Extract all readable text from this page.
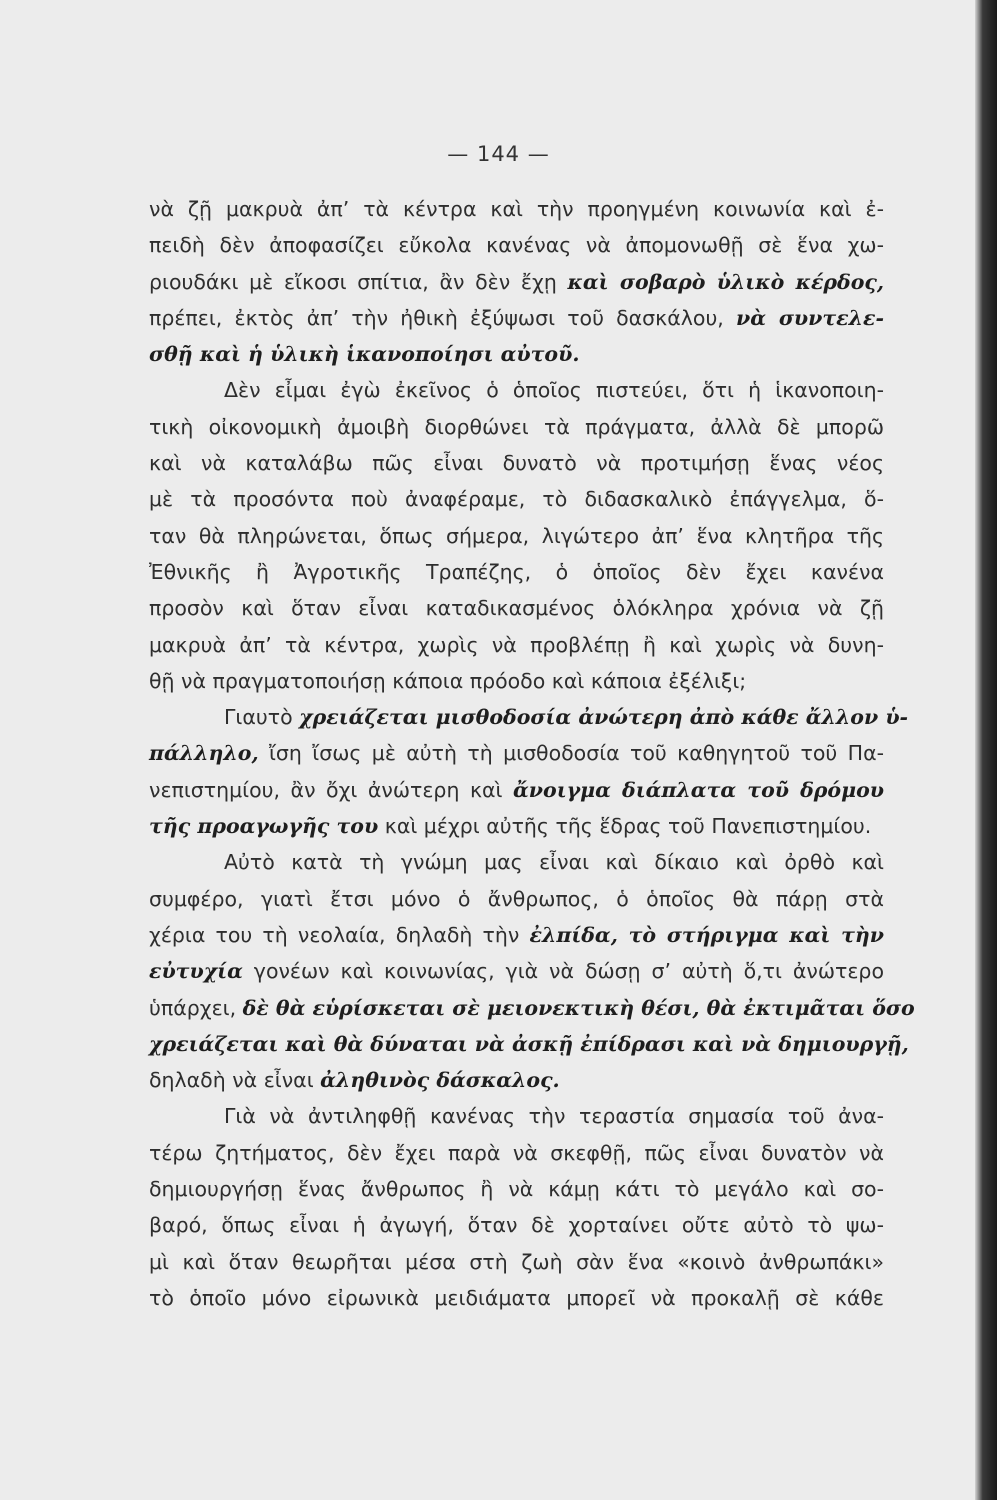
— 144 —
νὰ ζῇ μακρυὰ ἀπ’ τὰ κέντρα καὶ τὴν προηγμένη κοινωνία καὶ ἐ-
πειδὴ δὲν ἀποφασίζει εὔκολα κανένας νὰ ἀπομονωθῇ σὲ ἕνα χω-
ριουδάκι μὲ εἴκοσι σπίτια, ἂν δὲν ἔχῃ καὶ σοβαρὸ ὑλικὸ κέρδος,
πρέπει, ἐκτὸς ἀπ’ τὴν ἠθικὴ ἐξύψωσι τοῦ δασκάλου, νὰ συντελε-
σθῇ καὶ ἡ ὑλικὴ ἱκανοποίησι αὐτοῦ.
Δὲν εἶμαι ἐγὼ ἐκεῖνος ὁ ὁποῖος πιστεύει, ὅτι ἡ ἱκανοποιη-
τικὴ οἰκονομικὴ ἀμοιβὴ διορθώνει τὰ πράγματα, ἀλλὰ δὲ μπορῶ
καὶ νὰ καταλάβω πῶς εἶναι δυνατὸ νὰ προτιμήσῃ ἕνας νέος
μὲ τὰ προσόντα ποὺ ἀναφέραμε, τὸ διδασκαλικὸ ἐπάγγελμα, ὅ-
ταν θὰ πληρώνεται, ὅπως σήμερα, λιγώτερο ἀπ’ ἕνα κλητῆρα τῆς
Ἐθνικῆς ἢ Ἀγροτικῆς Τραπέζης, ὁ ὁποῖος δὲν ἔχει κανένα
προσὸν καὶ ὅταν εἶναι καταδικασμένος ὁλόκληρα χρόνια νὰ ζῇ
μακρυὰ ἀπ’ τὰ κέντρα, χωρὶς νὰ προβλέπῃ ἢ καὶ χωρὶς νὰ δυνη-
θῇ νὰ πραγματοποιήσῃ κάποια πρόοδο καὶ κάποια ἐξέλιξι;
Γιαυτὸ χρειάζεται μισθοδοσία ἀνώτερη ἀπὸ κάθε ἄλλον ὑ-
πάλληλο, ἴση ἴσως μὲ αὐτὴ τὴ μισθοδοσία τοῦ καθηγητοῦ τοῦ Πα-
νεπιστημίου, ἂν ὄχι ἀνώτερη καὶ ἄνοιγμα διάπλατα τοῦ δρόμου
τῆς προαγωγῆς του καὶ μέχρι αὐτῆς τῆς ἕδρας τοῦ Πανεπιστημίου.
Αὐτὸ κατὰ τὴ γνώμη μας εἶναι καὶ δίκαιο καὶ ὀρθὸ καὶ
συμφέρο, γιατὶ ἔτσι μόνο ὁ ἄνθρωπος, ὁ ὁποῖος θὰ πάρῃ στὰ
χέρια του τὴ νεολαία, δηλαδὴ τὴν ἐλπίδα, τὸ στήριγμα καὶ τὴν
εὐτυχία γονέων καὶ κοινωνίας, γιὰ νὰ δώσῃ σ’ αὐτὴ ὅ,τι ἀνώτερο
ὑπάρχει, δὲ θὰ εὑρίσκεται σὲ μειονεκτικὴ θέσι, θὰ ἐκτιμᾶται ὅσο
χρειάζεται καὶ θὰ δύναται νὰ ἀσκῇ ἐπίδρασι καὶ νὰ δημιουργῇ,
δηλαδὴ νὰ εἶναι ἀληθινὸς δάσκαλος.
Γιὰ νὰ ἀντιληφθῇ κανένας τὴν τεραστία σημασία τοῦ ἀνα-
τέρω ζητήματος, δὲν ἔχει παρὰ νὰ σκεφθῇ, πῶς εἶναι δυνατὸν νὰ
δημιουργήσῃ ἕνας ἄνθρωπος ἢ νὰ κάμῃ κάτι τὸ μεγάλο καὶ σο-
βαρό, ὅπως εἶναι ἡ ἀγωγή, ὅταν δὲ χορταίνει οὔτε αὐτὸ τὸ ψω-
μὶ καὶ ὅταν θεωρῆται μέσα στὴ ζωὴ σὰν ἕνα «κοινὸ ἀνθρωπάκι»
τὸ ὁποῖο μόνο εἰρωνικὰ μειδιάματα μπορεῖ νὰ προκαλῇ σὲ κάθε
